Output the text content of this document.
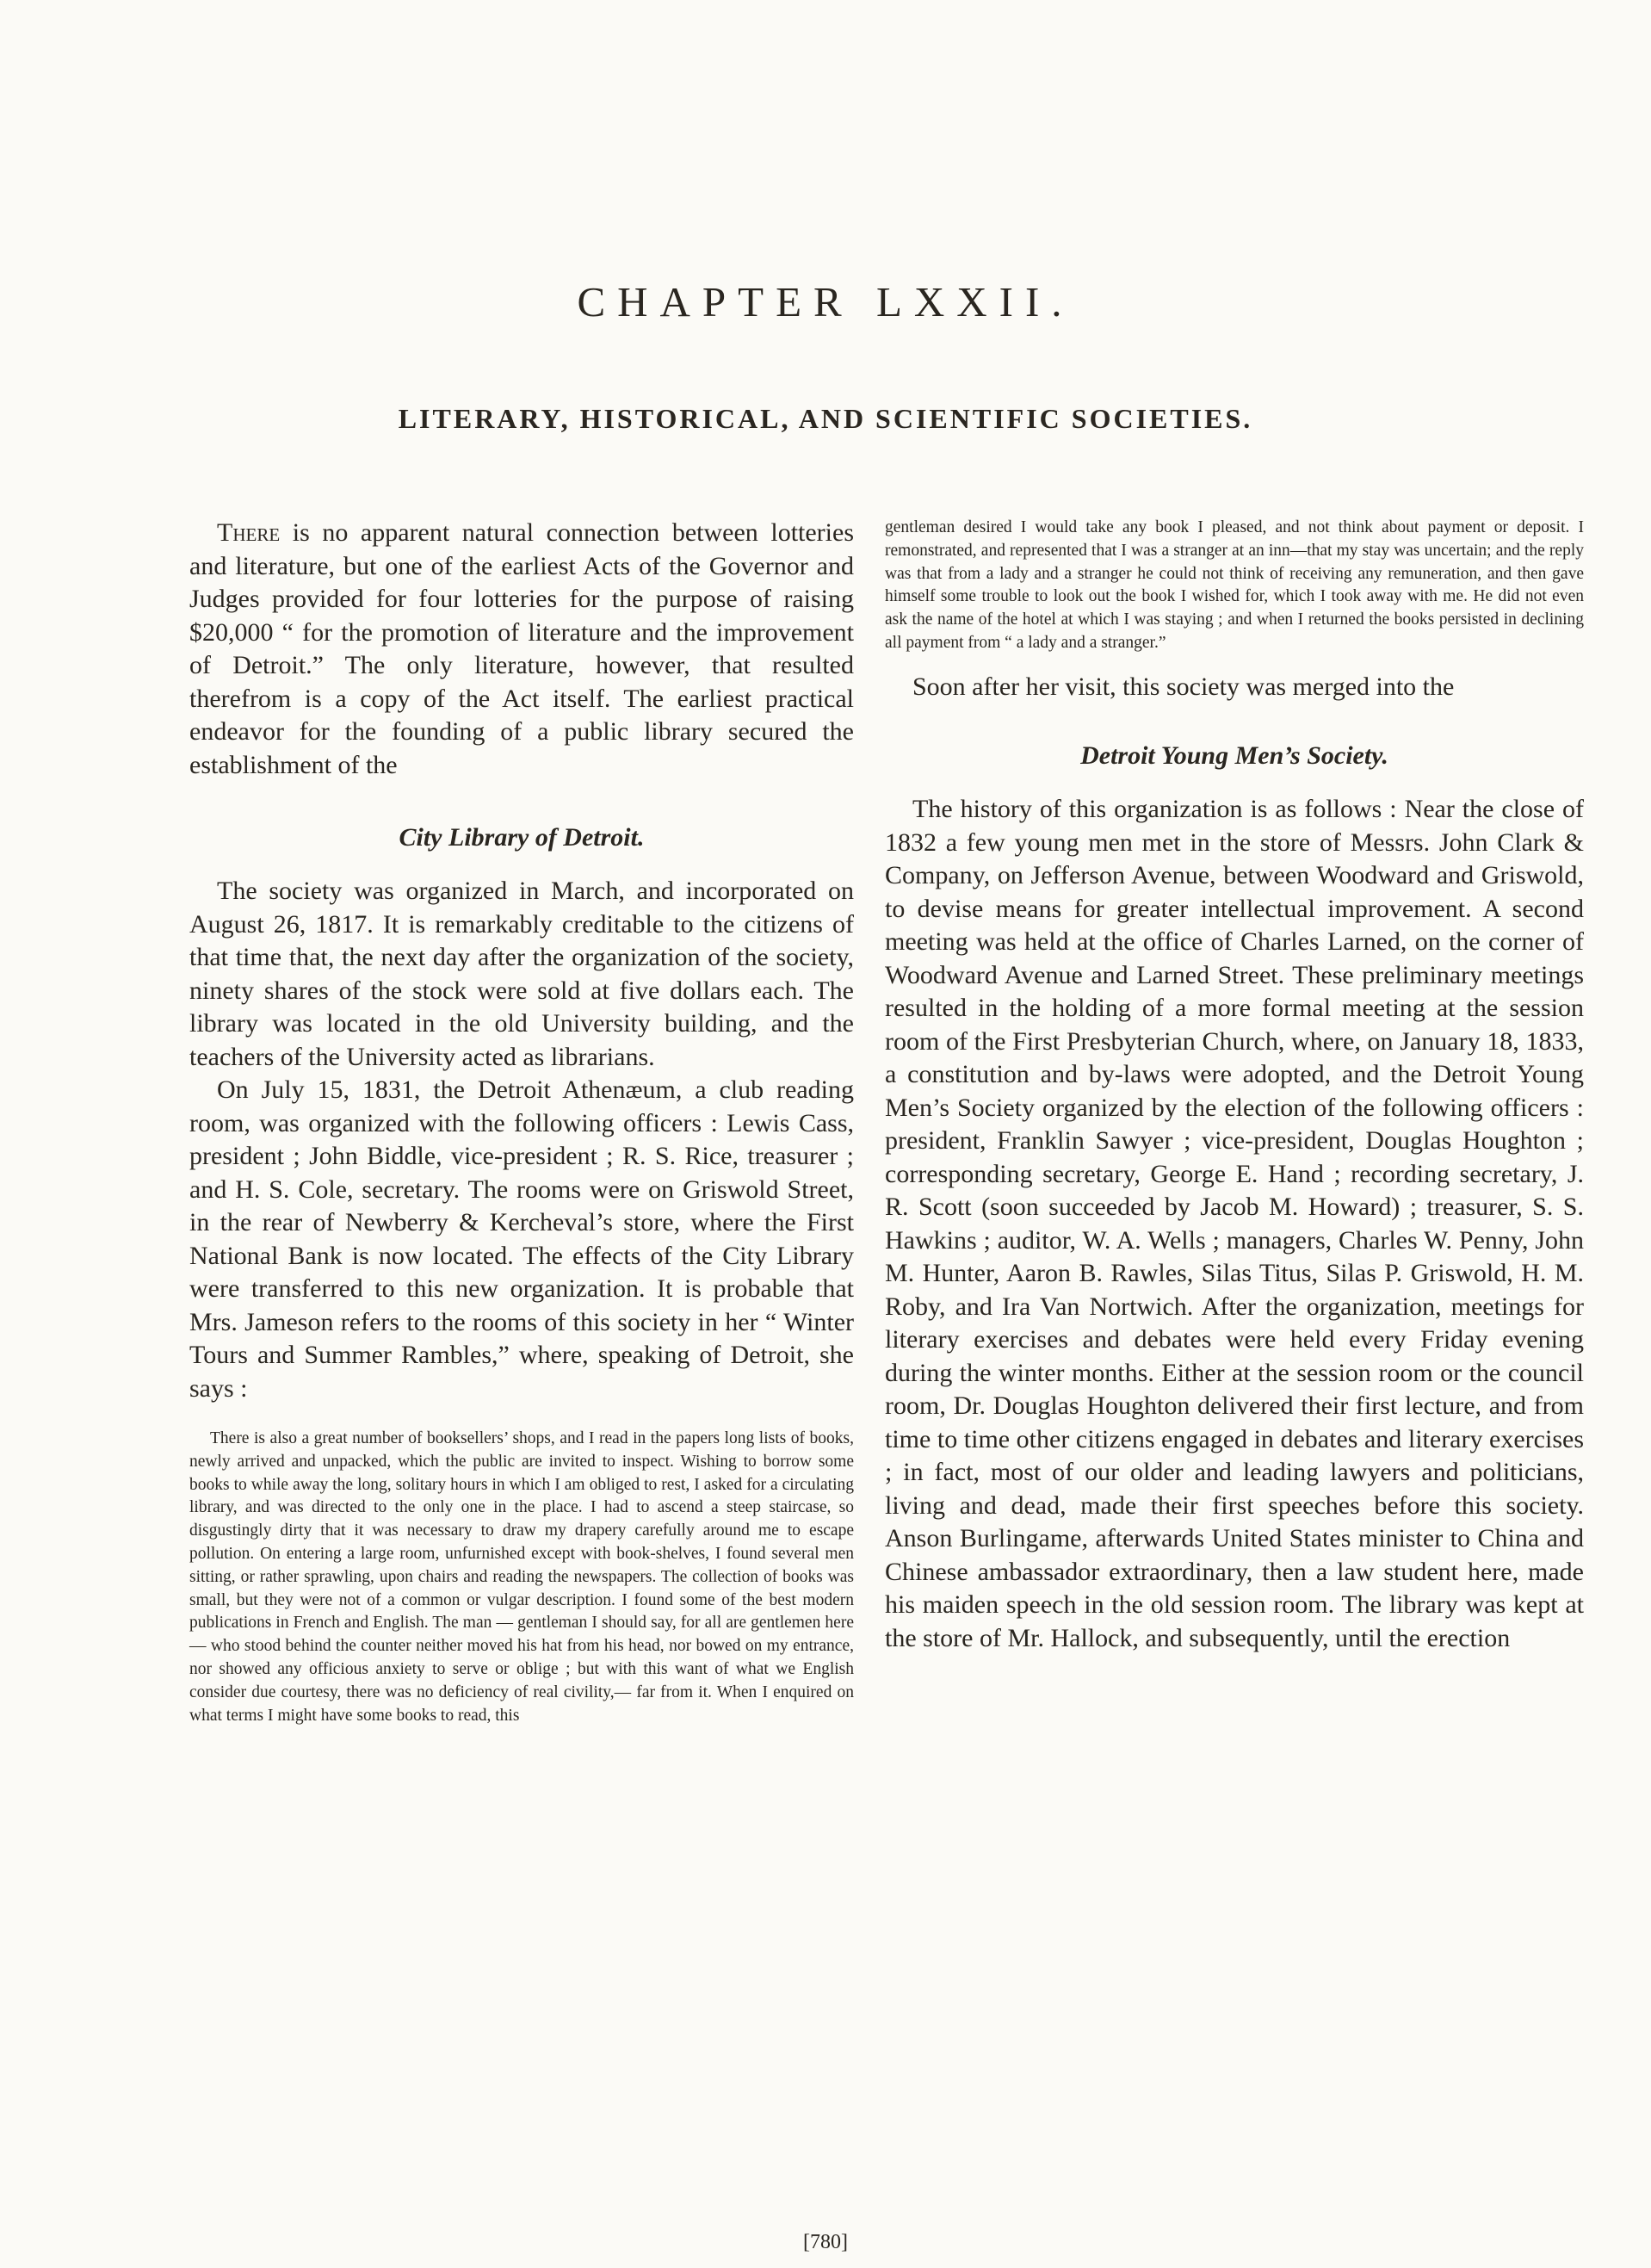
CHAPTER LXXII.
LITERARY, HISTORICAL, AND SCIENTIFIC SOCIETIES.

There is no apparent natural connection between lotteries and literature, but one of the earliest Acts of the Governor and Judges provided for four lotteries for the purpose of raising $20,000 “ for the promotion of literature and the improvement of Detroit.” The only literature, however, that resulted therefrom is a copy of the Act itself. The earliest practical endeavor for the founding of a public library secured the establishment of the

City Library of Detroit.

The society was organized in March, and incorporated on August 26, 1817. It is remarkably creditable to the citizens of that time that, the next day after the organization of the society, ninety shares of the stock were sold at five dollars each. The library was located in the old University building, and the teachers of the University acted as librarians.

On July 15, 1831, the Detroit Athenæum, a club reading room, was organized with the following officers : Lewis Cass, president ; John Biddle, vice-president ; R. S. Rice, treasurer ; and H. S. Cole, secretary. The rooms were on Griswold Street, in the rear of Newberry & Kercheval’s store, where the First National Bank is now located. The effects of the City Library were transferred to this new organization. It is probable that Mrs. Jameson refers to the rooms of this society in her “ Winter Tours and Summer Rambles,” where, speaking of Detroit, she says :

There is also a great number of booksellers’ shops, and I read in the papers long lists of books, newly arrived and unpacked, which the public are invited to inspect. Wishing to borrow some books to while away the long, solitary hours in which I am obliged to rest, I asked for a circulating library, and was directed to the only one in the place. I had to ascend a steep staircase, so disgustingly dirty that it was necessary to draw my drapery carefully around me to escape pollution. On entering a large room, unfurnished except with book-shelves, I found several men sitting, or rather sprawling, upon chairs and reading the newspapers. The collection of books was small, but they were not of a common or vulgar description. I found some of the best modern publications in French and English. The man — gentleman I should say, for all are gentlemen here — who stood behind the counter neither moved his hat from his head, nor bowed on my entrance, nor showed any officious anxiety to serve or oblige ; but with this want of what we English consider due courtesy, there was no deficiency of real civility,— far from it. When I enquired on what terms I might have some books to read, this

gentleman desired I would take any book I pleased, and not think about payment or deposit. I remonstrated, and represented that I was a stranger at an inn—that my stay was uncertain; and the reply was that from a lady and a stranger he could not think of receiving any remuneration, and then gave himself some trouble to look out the book I wished for, which I took away with me. He did not even ask the name of the hotel at which I was staying ; and when I returned the books persisted in declining all payment from “ a lady and a stranger.”

Soon after her visit, this society was merged into the

Detroit Young Men’s Society.

The history of this organization is as follows : Near the close of 1832 a few young men met in the store of Messrs. John Clark & Company, on Jefferson Avenue, between Woodward and Griswold, to devise means for greater intellectual improvement. A second meeting was held at the office of Charles Larned, on the corner of Woodward Avenue and Larned Street. These preliminary meetings resulted in the holding of a more formal meeting at the session room of the First Presbyterian Church, where, on January 18, 1833, a constitution and by-laws were adopted, and the Detroit Young Men’s Society organized by the election of the following officers : president, Franklin Sawyer ; vice-president, Douglas Houghton ; corresponding secretary, George E. Hand ; recording secretary, J. R. Scott (soon succeeded by Jacob M. Howard) ; treasurer, S. S. Hawkins ; auditor, W. A. Wells ; managers, Charles W. Penny, John M. Hunter, Aaron B. Rawles, Silas Titus, Silas P. Griswold, H. M. Roby, and Ira Van Nortwich. After the organization, meetings for literary exercises and debates were held every Friday evening during the winter months. Either at the session room or the council room, Dr. Douglas Houghton delivered their first lecture, and from time to time other citizens engaged in debates and literary exercises ; in fact, most of our older and leading lawyers and politicians, living and dead, made their first speeches before this society. Anson Burlingame, afterwards United States minister to China and Chinese ambassador extraordinary, then a law student here, made his maiden speech in the old session room. The library was kept at the store of Mr. Hallock, and subsequently, until the erection

[780]
